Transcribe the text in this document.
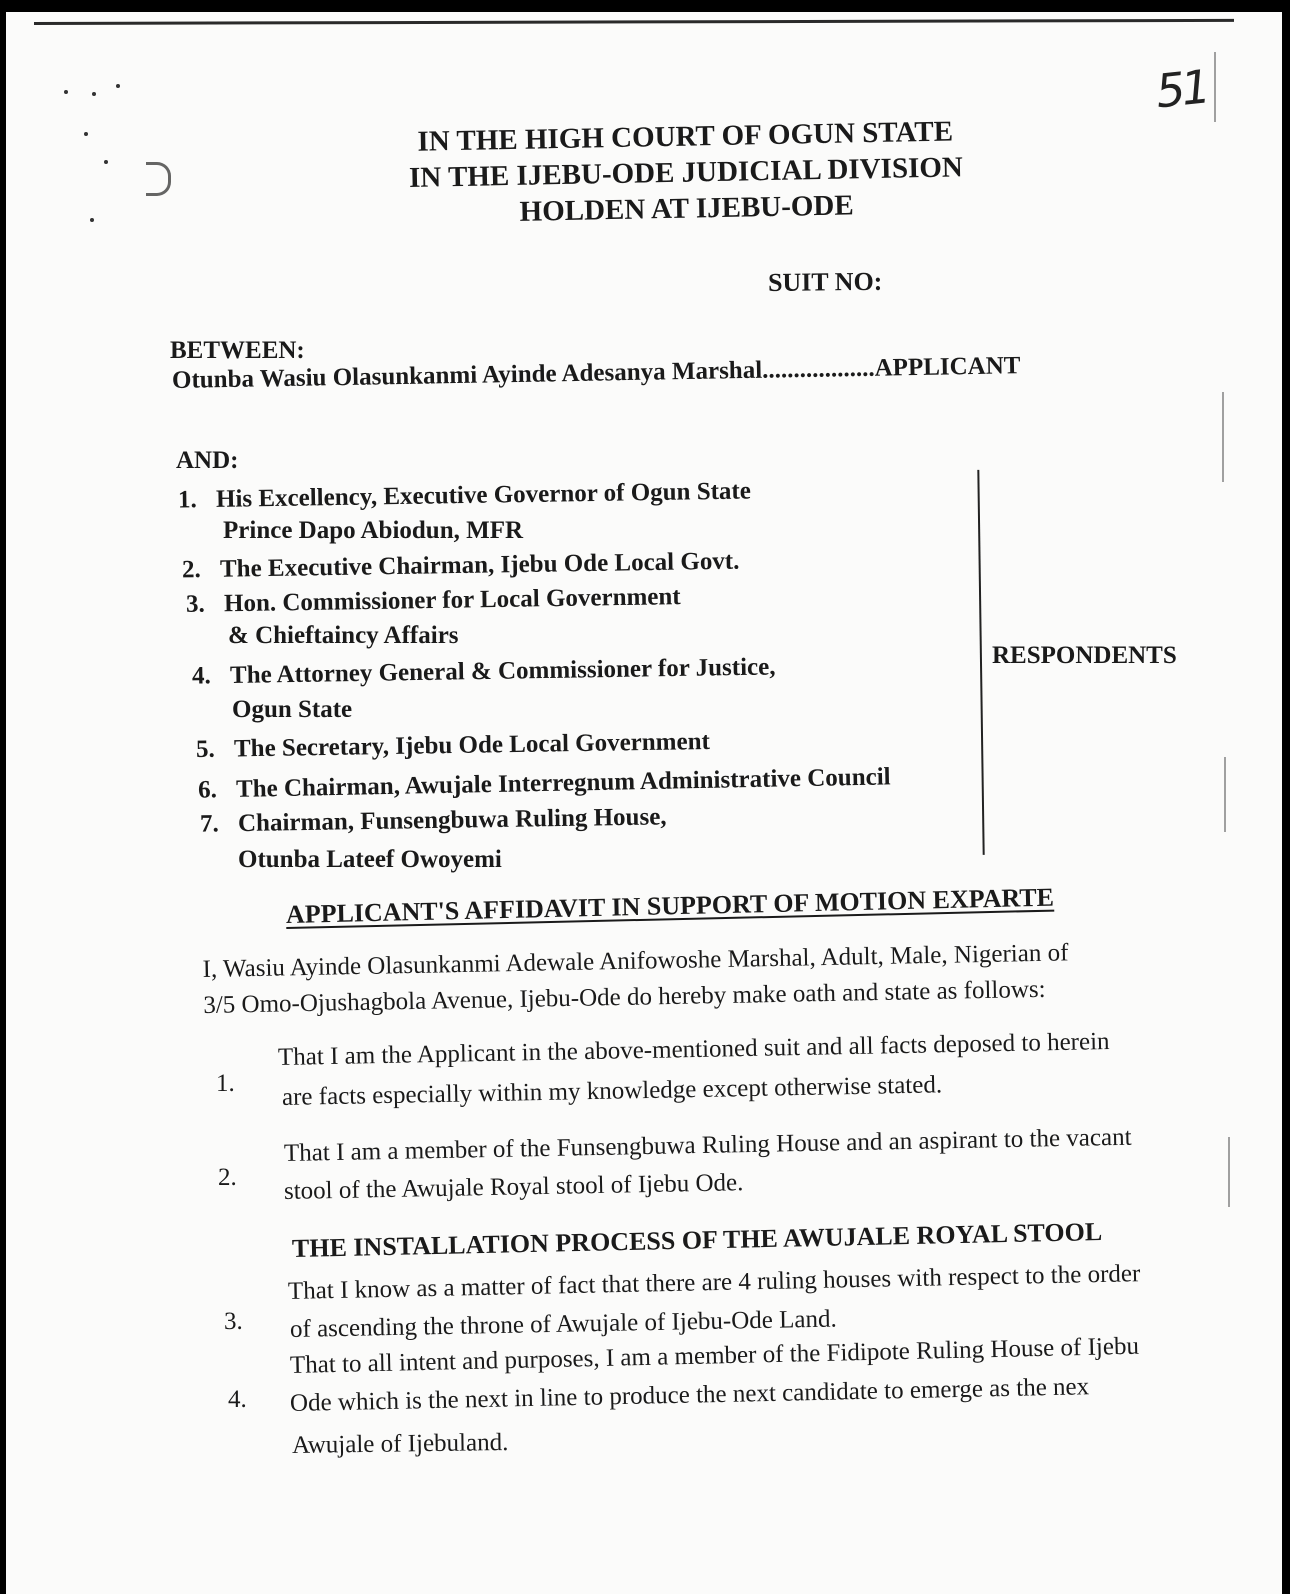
51
IN THE HIGH COURT OF OGUN STATE
IN THE IJEBU-ODE JUDICIAL DIVISION
HOLDEN AT IJEBU-ODE
SUIT NO:
BETWEEN:
Otunba Wasiu Olasunkanmi Ayinde Adesanya Marshal..................APPLICANT
AND:
1. His Excellency, Executive Governor of Ogun State
Prince Dapo Abiodun, MFR
2. The Executive Chairman, Ijebu Ode Local Govt.
3. Hon. Commissioner for Local Government
& Chieftaincy Affairs
4. The Attorney General & Commissioner for Justice,
Ogun State
5. The Secretary, Ijebu Ode Local Government
6. The Chairman, Awujale Interregnum Administrative Council
7. Chairman, Funsengbuwa Ruling House,
Otunba Lateef Owoyemi
RESPONDENTS
APPLICANT'S AFFIDAVIT IN SUPPORT OF MOTION EXPARTE
I, Wasiu Ayinde Olasunkanmi Adewale Anifowoshe Marshal, Adult, Male, Nigerian of
3/5 Omo-Ojushagbola Avenue, Ijebu-Ode do hereby make oath and state as follows:
1.
That I am the Applicant in the above-mentioned suit and all facts deposed to herein
are facts especially within my knowledge except otherwise stated.
2.
That I am a member of the Funsengbuwa Ruling House and an aspirant to the vacant
stool of the Awujale Royal stool of Ijebu Ode.
THE INSTALLATION PROCESS OF THE AWUJALE ROYAL STOOL
3.
That I know as a matter of fact that there are 4 ruling houses with respect to the order
of ascending the throne of Awujale of Ijebu-Ode Land.
4.
That to all intent and purposes, I am a member of the Fidipote Ruling House of Ijebu
Ode which is the next in line to produce the next candidate to emerge as the nex
Awujale of Ijebuland.
